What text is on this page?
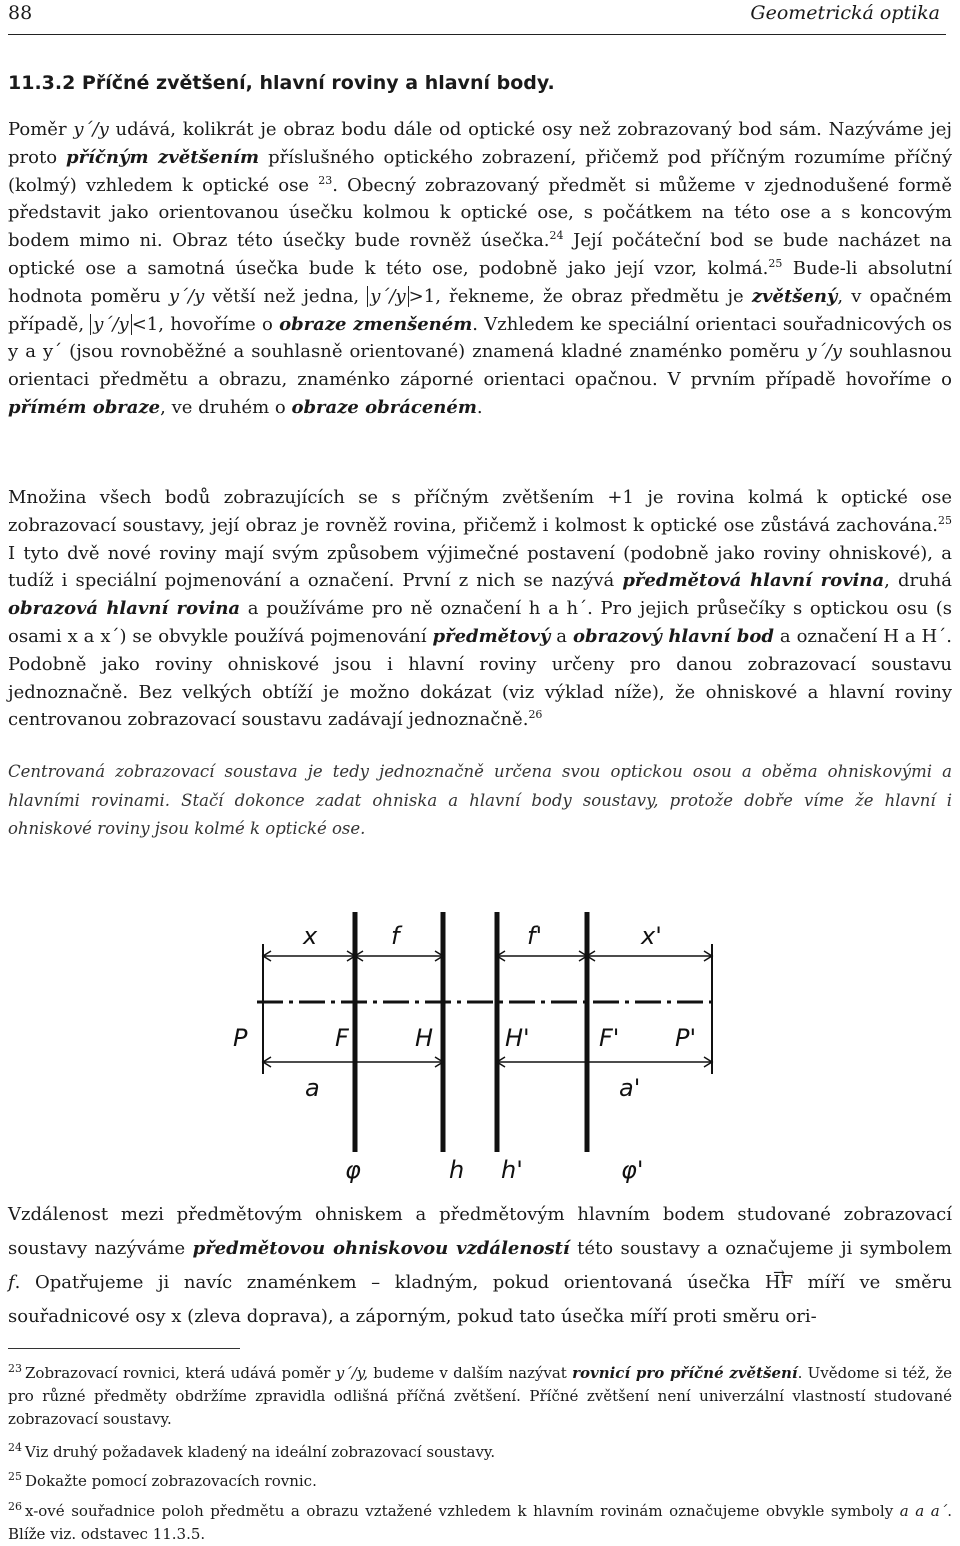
88	Geometrická optika
11.3.2 Příčné zvětšení, hlavní roviny a hlavní body.
Poměr y´/y udává, kolikrát je obraz bodu dále od optické osy než zobrazovaný bod sám. Nazýváme jej proto příčným zvětšením příslušného optického zobrazení, přičemž pod příčným rozumíme příčný (kolmý) vzhledem k optické ose $^{23}$. Obecný zobrazovaný předmět si můžeme v zjednodušené formě představit jako orientovanou úsečku kolmou k optické ose, s počátkem na této ose a s koncovým bodem mimo ni. Obraz této úsečky bude rovněž úsečka.$^{24}$ Její počáteční bod se bude nacházet na optické ose a samotná úsečka bude k této ose, podobně jako její vzor, kolmá.$^{25}$ Bude-li absolutní hodnota poměru y´/y větší než jedna, y´/y >1, řekneme, že obraz předmětu je zvětšený, v opačném případě, y´/y <1, hovoříme o obraze zmenšeném. Vzhledem ke speciální orientaci souřadnicových os y a y´ (jsou rovnoběžné a souhlasně orientované) znamená kladné znaménko poměru y´/y souhlasnou orientaci předmětu a obrazu, znaménko záporné orientaci opačnou. V prvním případě hovoříme o přímém obraze, ve druhém o obraze obráceném.
Množina všech bodů zobrazujících se s příčným zvětšením +1 je rovina kolmá k optické ose zobrazovací soustavy, její obraz je rovněž rovina, přičemž i kolmost k optické ose zůstává zachována.$^{25}$ I tyto dvě nové roviny mají svým způsobem výjimečné postavení (podobně jako roviny ohniskové), a tudíž i speciální pojmenování a označení. První z nich se nazývá předmětová hlavní rovina, druhá obrazová hlavní rovina a používáme pro ně označení h a h´. Pro jejich průsečíky s optickou osu (s osami x a x´) se obvykle používá pojmenování předmětový a obrazový hlavní bod a označení H a H´. Podobně jako roviny ohniskové jsou i hlavní roviny určeny pro danou zobrazovací soustavu jednoznačně. Bez velkých obtíží je možno dokázat (viz výklad níže), že ohniskové a hlavní roviny centrovanou zobrazovací soustavu zadávají jednoznačně.$^{26}$
Centrovaná zobrazovací soustava je tedy jednoznačně určena svou optickou osou a oběma ohniskovými a hlavními rovinami. Stačí dokonce zadat ohniska a hlavní body soustavy, protože dobře víme že hlavní i ohniskové roviny jsou kolmé k optické ose.
x	f	f'	x'
P	F	H	H'	F' P'
a	a'
φ	h h'	φ'
Vzdálenost mezi předmětovým ohniskem a předmětovým hlavním bodem studované zobrazovací soustavy nazýváme předmětovou ohniskovou vzdáleností této soustavy a označujeme ji symbolem f. Opatřujeme ji navíc znaménkem – kladným, pokud orientovaná úsečka → HF míří ve směru souřadnicové osy x (zleva doprava), a záporným, pokud tato úsečka míří proti směru ori-
$^{23}$ Zobrazovací rovnici, která udává poměr y´/y, budeme v dalším nazývat rovnicí pro příčné zvětšení. Uvědome si též, že pro různé předměty obdržíme zpravidla odlišná příčná zvětšení. Příčné zvětšení není univerzální vlastností studované zobrazovací soustavy.
$^{24}$ Viz druhý požadavek kladený na ideální zobrazovací soustavy.
$^{25}$ Dokažte pomocí zobrazovacích rovnic.
$^{26}$ x-ové souřadnice poloh předmětu a obrazu vztažené vzhledem k hlavním rovinám označujeme obvykle symboly a a a´. Blíže viz. odstavec 11.3.5.
